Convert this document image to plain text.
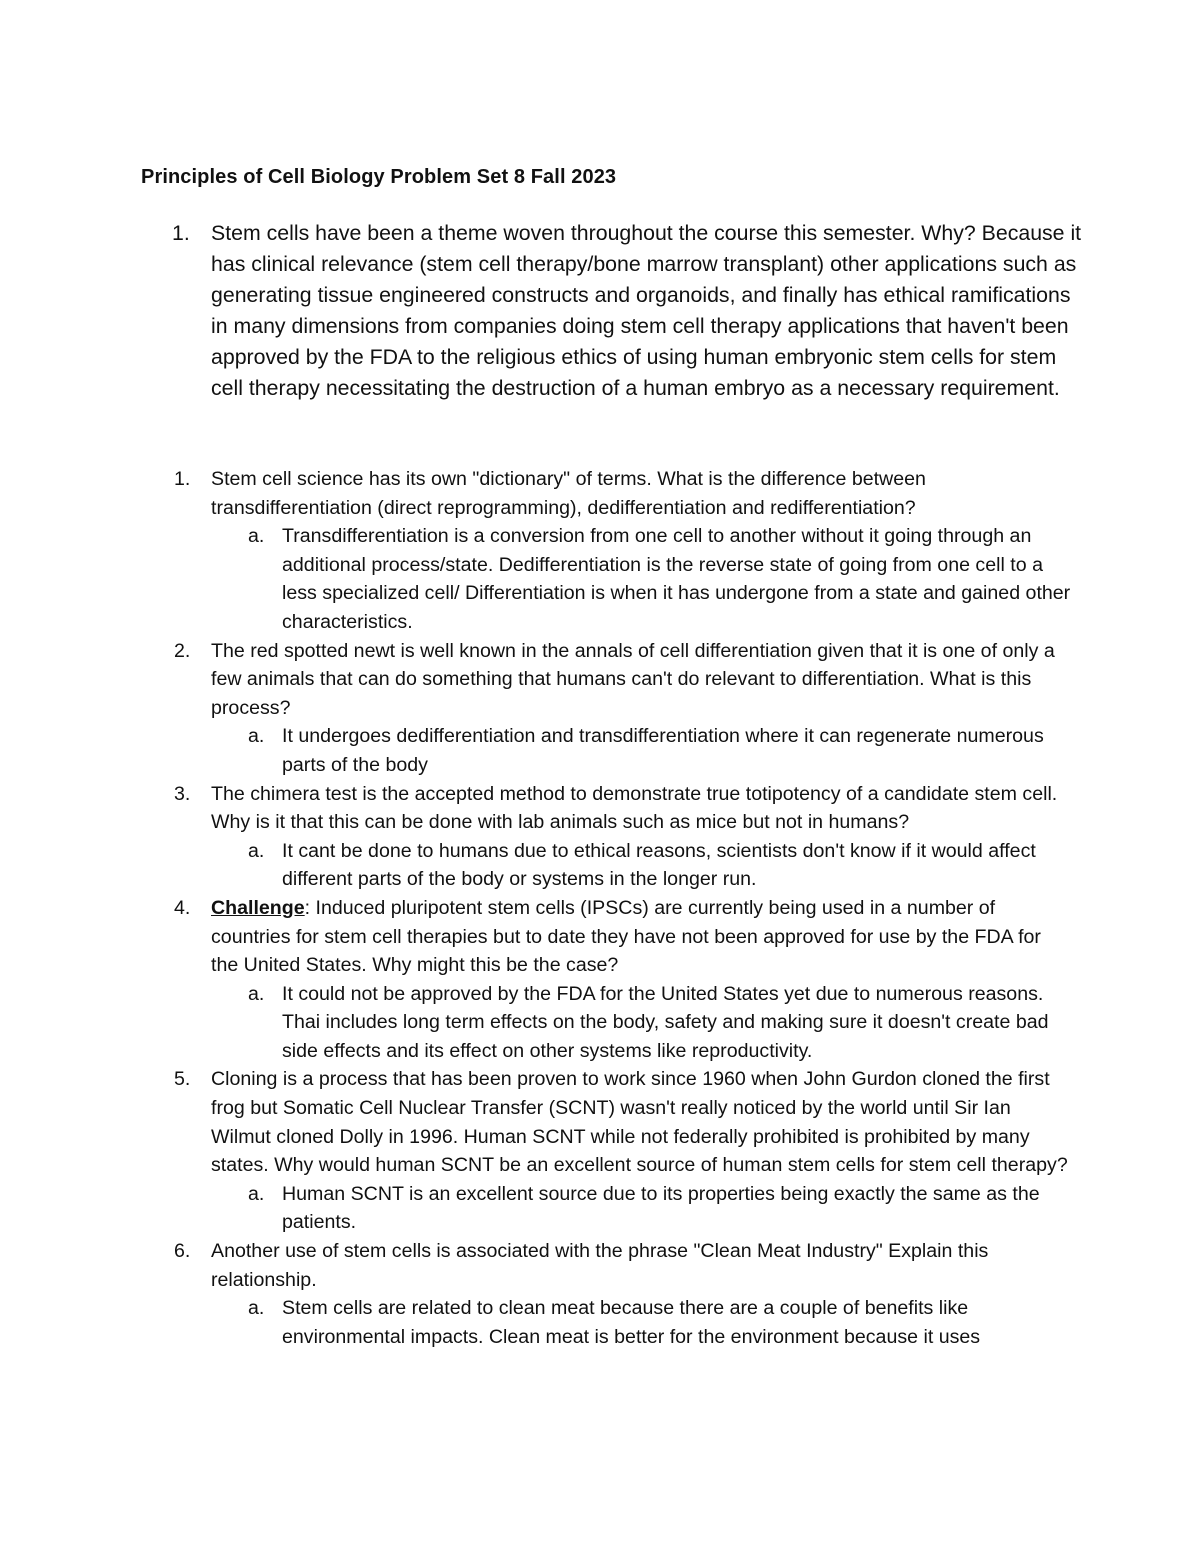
Principles of Cell Biology Problem Set 8 Fall 2023
1. Stem cells have been a theme woven throughout the course this semester. Why? Because it has clinical relevance (stem cell therapy/bone marrow transplant) other applications such as generating tissue engineered constructs and organoids, and finally has ethical ramifications in many dimensions from companies doing stem cell therapy applications that haven't been approved by the FDA to the religious ethics of using human embryonic stem cells for stem cell therapy necessitating the destruction of a human embryo as a necessary requirement.
1. Stem cell science has its own "dictionary" of terms. What is the difference between transdifferentiation (direct reprogramming), dedifferentiation and redifferentiation?
a. Transdifferentiation is a conversion from one cell to another without it going through an additional process/state. Dedifferentiation is the reverse state of going from one cell to a less specialized cell/ Differentiation is when it has undergone from a state and gained other characteristics.
2. The red spotted newt is well known in the annals of cell differentiation given that it is one of only a few animals that can do something that humans can't do relevant to differentiation. What is this process?
a. It undergoes dedifferentiation and transdifferentiation where it can regenerate numerous parts of the body
3. The chimera test is the accepted method to demonstrate true totipotency of a candidate stem cell. Why is it that this can be done with lab animals such as mice but not in humans?
a. It cant be done to humans due to ethical reasons, scientists don't know if it would affect different parts of the body or systems in the longer run.
4. Challenge: Induced pluripotent stem cells (IPSCs) are currently being used in a number of countries for stem cell therapies but to date they have not been approved for use by the FDA for the United States. Why might this be the case?
a. It could not be approved by the FDA for the United States yet due to numerous reasons. Thai includes long term effects on the body, safety and making sure it doesn't create bad side effects and its effect on other systems like reproductivity.
5. Cloning is a process that has been proven to work since 1960 when John Gurdon cloned the first frog but Somatic Cell Nuclear Transfer (SCNT) wasn't really noticed by the world until Sir Ian Wilmut cloned Dolly in 1996. Human SCNT while not federally prohibited is prohibited by many states. Why would human SCNT be an excellent source of human stem cells for stem cell therapy?
a. Human SCNT is an excellent source due to its properties being exactly the same as the patients.
6. Another use of stem cells is associated with the phrase "Clean Meat Industry" Explain this relationship.
a. Stem cells are related to clean meat because there are a couple of benefits like environmental impacts. Clean meat is better for the environment because it uses
